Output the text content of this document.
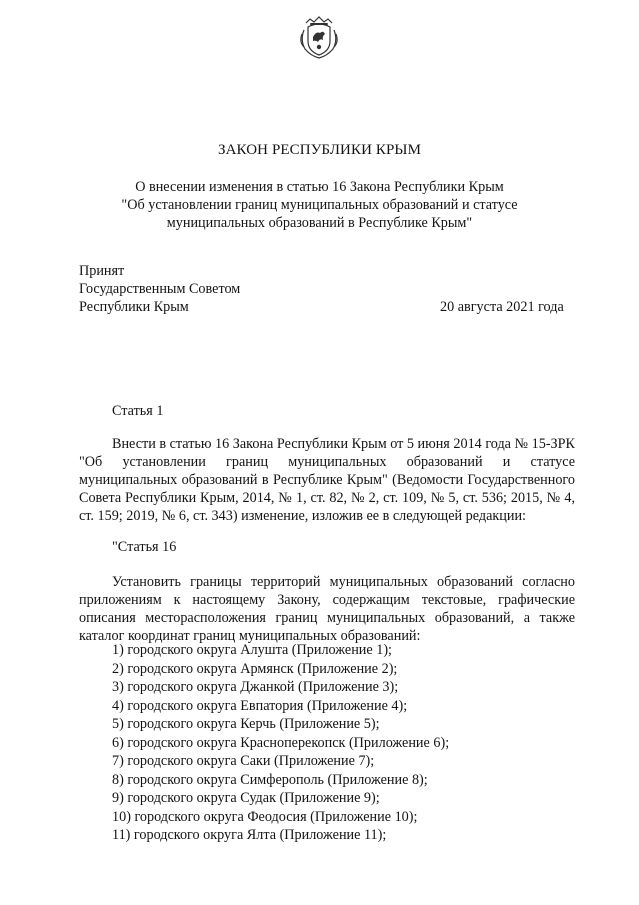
ЗАКОН РЕСПУБЛИКИ КРЫМ
О внесении изменения в статью 16 Закона Республики Крым
"Об установлении границ муниципальных образований и статусе
муниципальных образований в Республике Крым"
Принят
Государственным Советом
Республики Крым	20 августа 2021 года
Статья 1

Внести в статью 16 Закона Республики Крым от 5 июня 2014 года № 15-ЗРК "Об установлении границ муниципальных образований и статусе муниципальных образований в Республике Крым" (Ведомости Государственного Совета Республики Крым, 2014, № 1, ст. 82, № 2, ст. 109, № 5, ст. 536; 2015, № 4, ст. 159; 2019, № 6, ст. 343) изменение, изложив ее в следующей редакции:

"Статья 16

Установить границы территорий муниципальных образований согласно приложениям к настоящему Закону, содержащим текстовые, графические описания месторасположения границ муниципальных образований, а также каталог координат границ муниципальных образований:

1) городского округа Алушта (Приложение 1);
2) городского округа Армянск (Приложение 2);
3) городского округа Джанкой (Приложение 3);
4) городского округа Евпатория (Приложение 4);
5) городского округа Керчь (Приложение 5);
6) городского округа Красноперекопск (Приложение 6);
7) городского округа Саки (Приложение 7);
8) городского округа Симферополь (Приложение 8);
9) городского округа Судак (Приложение 9);
10) городского округа Феодосия (Приложение 10);
11) городского округа Ялта (Приложение 11);
